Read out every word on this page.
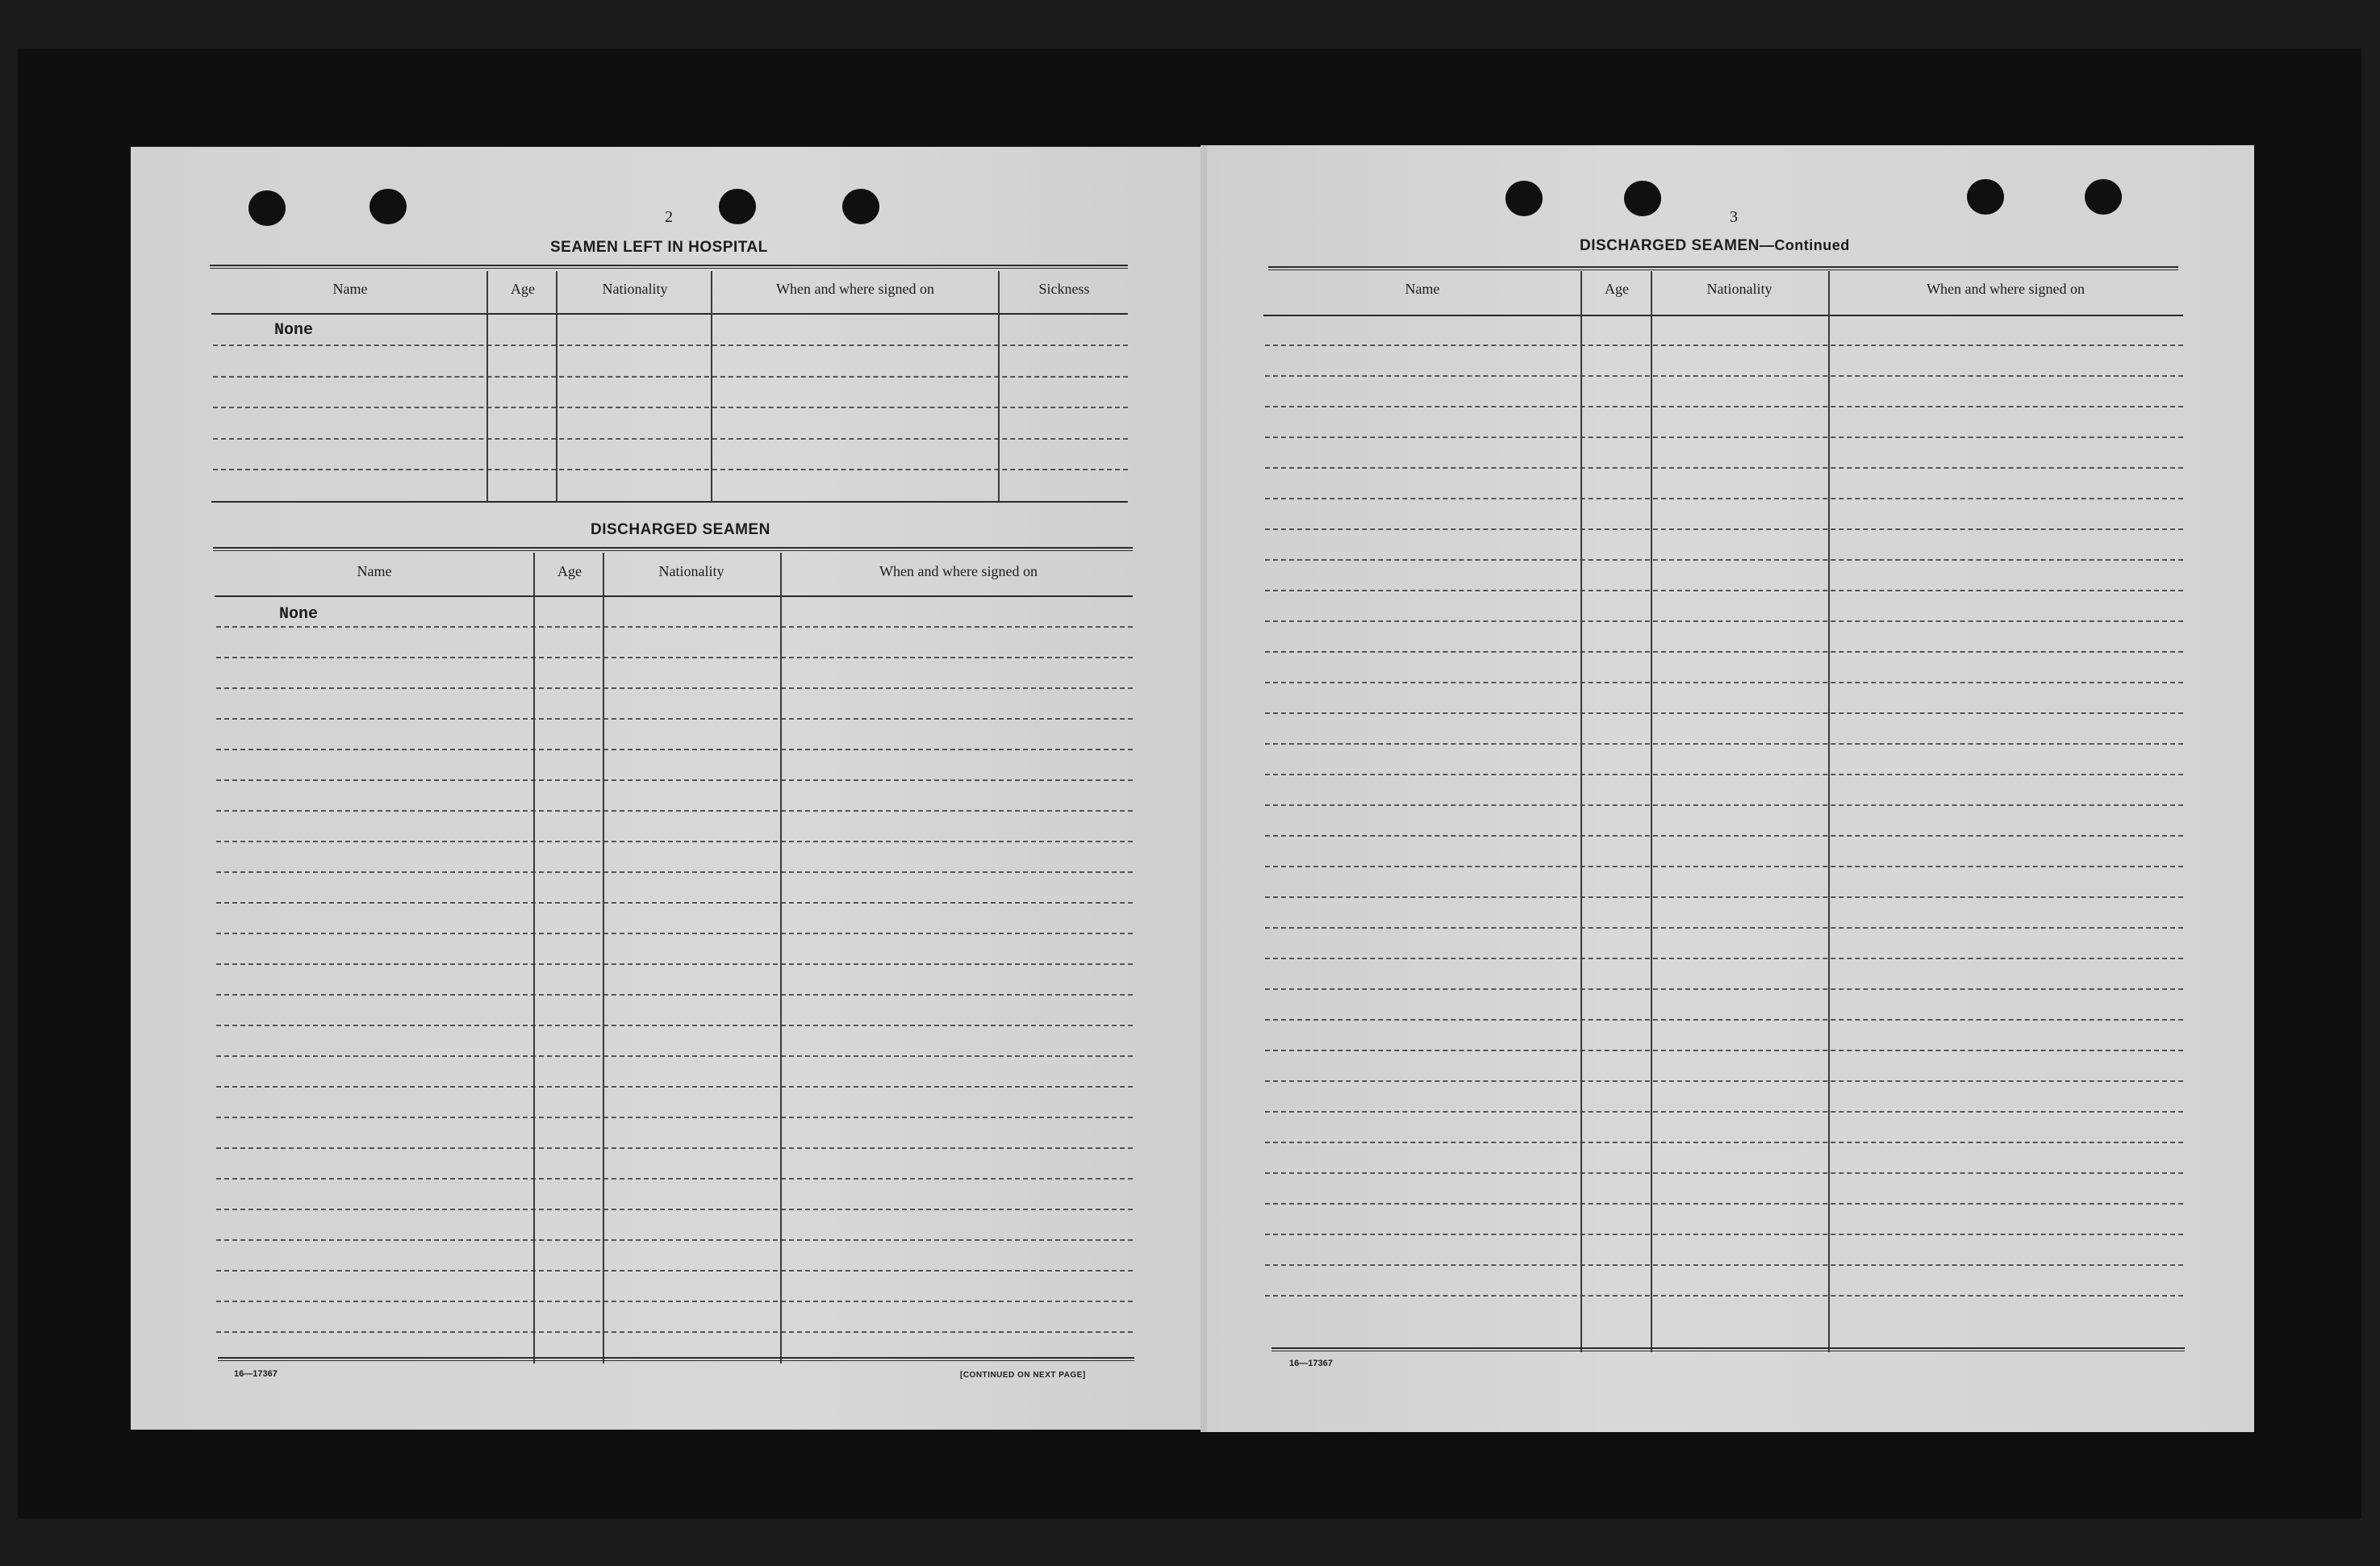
2
SEAMEN LEFT IN HOSPITAL
Name	Age	Nationality	When and where signed on	Sickness
None
DISCHARGED SEAMEN
Name	Age	Nationality	When and where signed on
None
16—17367	[CONTINUED ON NEXT PAGE]
3
DISCHARGED SEAMEN—Continued
Name	Age	Nationality	When and where signed on
16—17367
